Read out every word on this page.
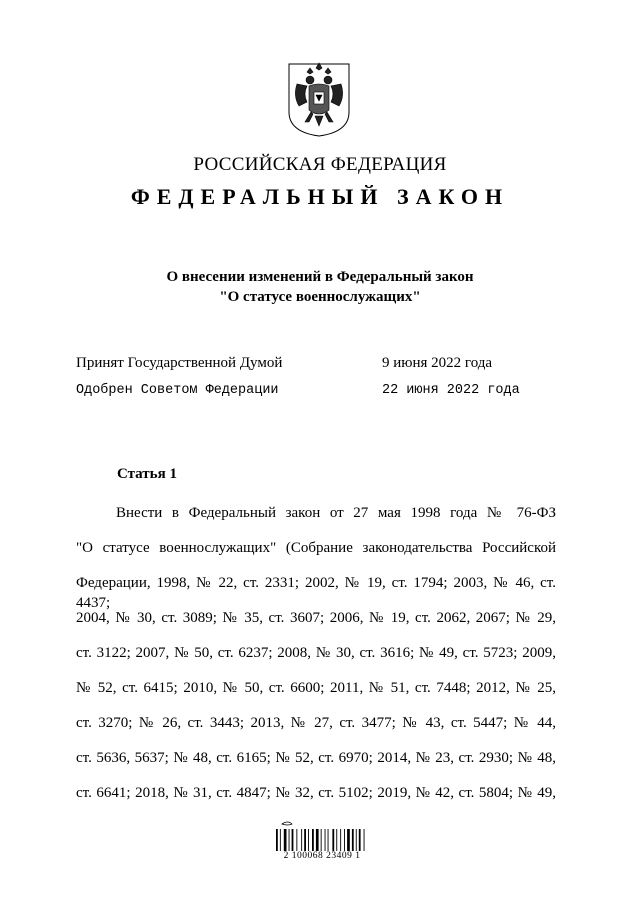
РОССИЙСКАЯ ФЕДЕРАЦИЯ
ФЕДЕРАЛЬНЫЙ ЗАКОН
О внесении изменений в Федеральный закон
"О статусе военнослужащих"
Принят Государственной Думой	9 июня 2022 года
Одобрен Советом Федерации	22 июня 2022 года
Статья 1
Внести в Федеральный закон от 27 мая 1998 года № 76-ФЗ
"О статусе военнослужащих" (Собрание законодательства Российской
Федерации, 1998, № 22, ст. 2331; 2002, № 19, ст. 1794; 2003, № 46, ст. 4437;
2004, № 30, ст. 3089; № 35, ст. 3607; 2006, № 19, ст. 2062, 2067; № 29,
ст. 3122; 2007, № 50, ст. 6237; 2008, № 30, ст. 3616; № 49, ст. 5723; 2009,
№ 52, ст. 6415; 2010, № 50, ст. 6600; 2011, № 51, ст. 7448; 2012, № 25,
ст. 3270; № 26, ст. 3443; 2013, № 27, ст. 3477; № 43, ст. 5447; № 44,
ст. 5636, 5637; № 48, ст. 6165; № 52, ст. 6970; 2014, № 23, ст. 2930; № 48,
ст. 6641; 2018, № 31, ст. 4847; № 32, ст. 5102; 2019, № 42, ст. 5804; № 49,
2 100068 23409 1
